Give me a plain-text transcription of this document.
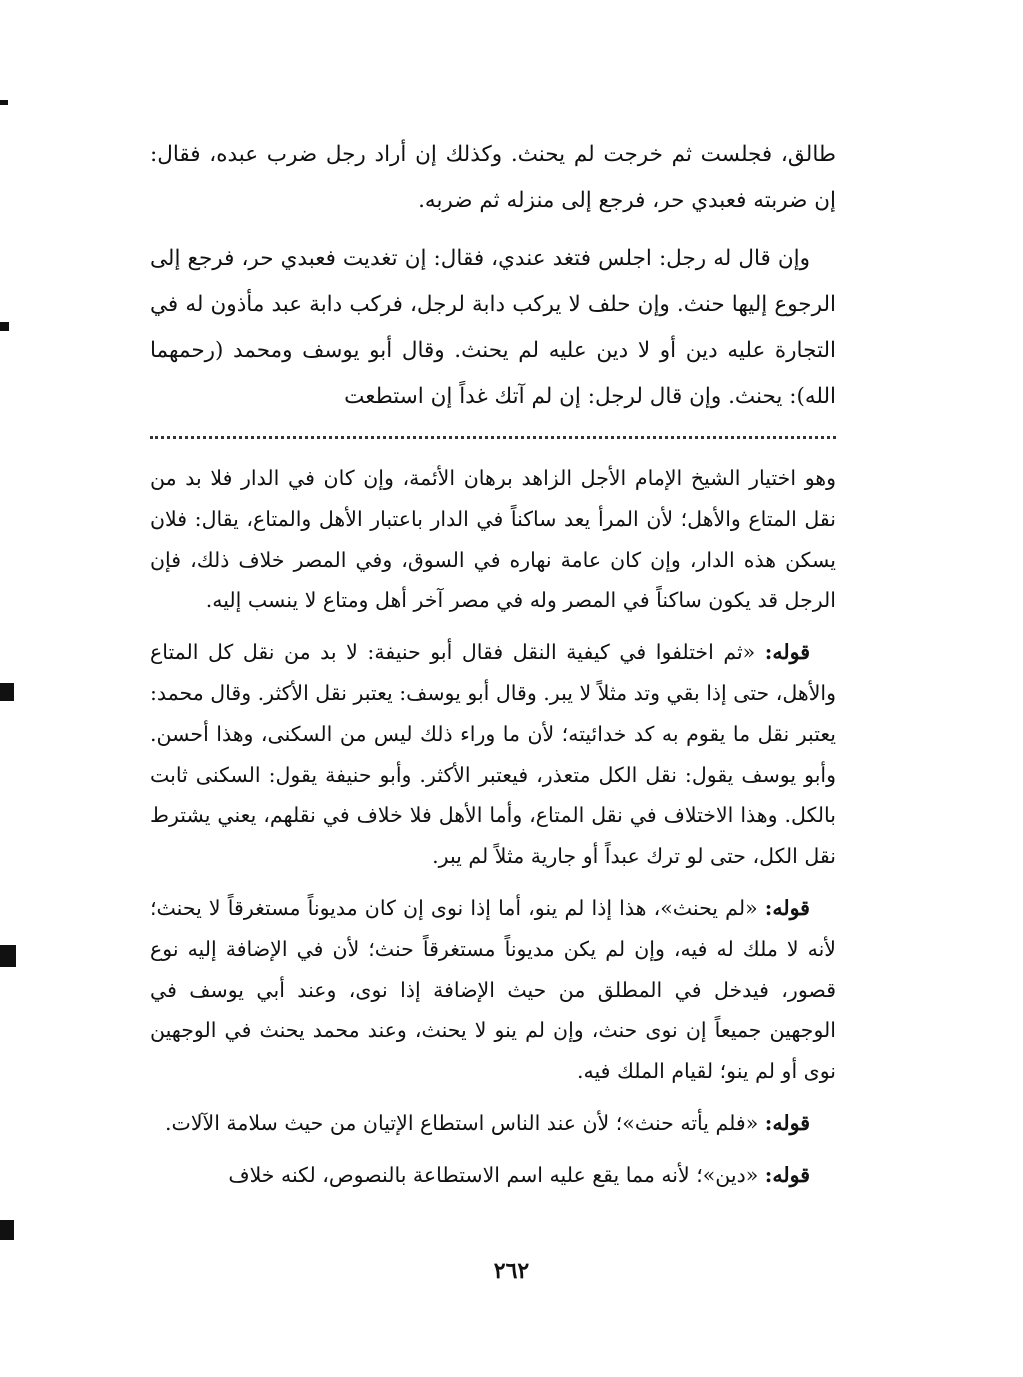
طالق، فجلست ثم خرجت لم يحنث. وكذلك إن أراد رجل ضرب عبده، فقال: إن ضربته فعبدي حر، فرجع إلى منزله ثم ضربه.

وإن قال له رجل: اجلس فتغد عندي، فقال: إن تغديت فعبدي حر، فرجع إلى الرجوع إليها حنث. وإن حلف لا يركب دابة لرجل، فركب دابة عبد مأذون له في التجارة عليه دين أو لا دين عليه لم يحنث. وقال أبو يوسف ومحمد (رحمهما الله): يحنث. وإن قال لرجل: إن لم آتك غداً إن استطعت

وهو اختيار الشيخ الإمام الأجل الزاهد برهان الأئمة، وإن كان في الدار فلا بد من نقل المتاع والأهل؛ لأن المرأ يعد ساكناً في الدار باعتبار الأهل والمتاع، يقال: فلان يسكن هذه الدار، وإن كان عامة نهاره في السوق، وفي المصر خلاف ذلك، فإن الرجل قد يكون ساكناً في المصر وله في مصر آخر أهل ومتاع لا ينسب إليه.

قوله: «ثم اختلفوا في كيفية النقل فقال أبو حنيفة: لا بد من نقل كل المتاع والأهل، حتى إذا بقي وتد مثلاً لا يبر. وقال أبو يوسف: يعتبر نقل الأكثر. وقال محمد: يعتبر نقل ما يقوم به كد خدائيته؛ لأن ما وراء ذلك ليس من السكنى، وهذا أحسن. وأبو يوسف يقول: نقل الكل متعذر، فيعتبر الأكثر. وأبو حنيفة يقول: السكنى ثابت بالكل. وهذا الاختلاف في نقل المتاع، وأما الأهل فلا خلاف في نقلهم، يعني يشترط نقل الكل، حتى لو ترك عبداً أو جارية مثلاً لم يبر.

قوله: «لم يحنث»، هذا إذا لم ينو، أما إذا نوى إن كان مديوناً مستغرقاً لا يحنث؛ لأنه لا ملك له فيه، وإن لم يكن مديوناً مستغرقاً حنث؛ لأن في الإضافة إليه نوع قصور، فيدخل في المطلق من حيث الإضافة إذا نوى، وعند أبي يوسف في الوجهين جميعاً إن نوى حنث، وإن لم ينو لا يحنث، وعند محمد يحنث في الوجهين نوى أو لم ينو؛ لقيام الملك فيه.

قوله: «فلم يأته حنث»؛ لأن عند الناس استطاع الإتيان من حيث سلامة الآلات.

قوله: «دين»؛ لأنه مما يقع عليه اسم الاستطاعة بالنصوص، لكنه خلاف

٢٦٢
